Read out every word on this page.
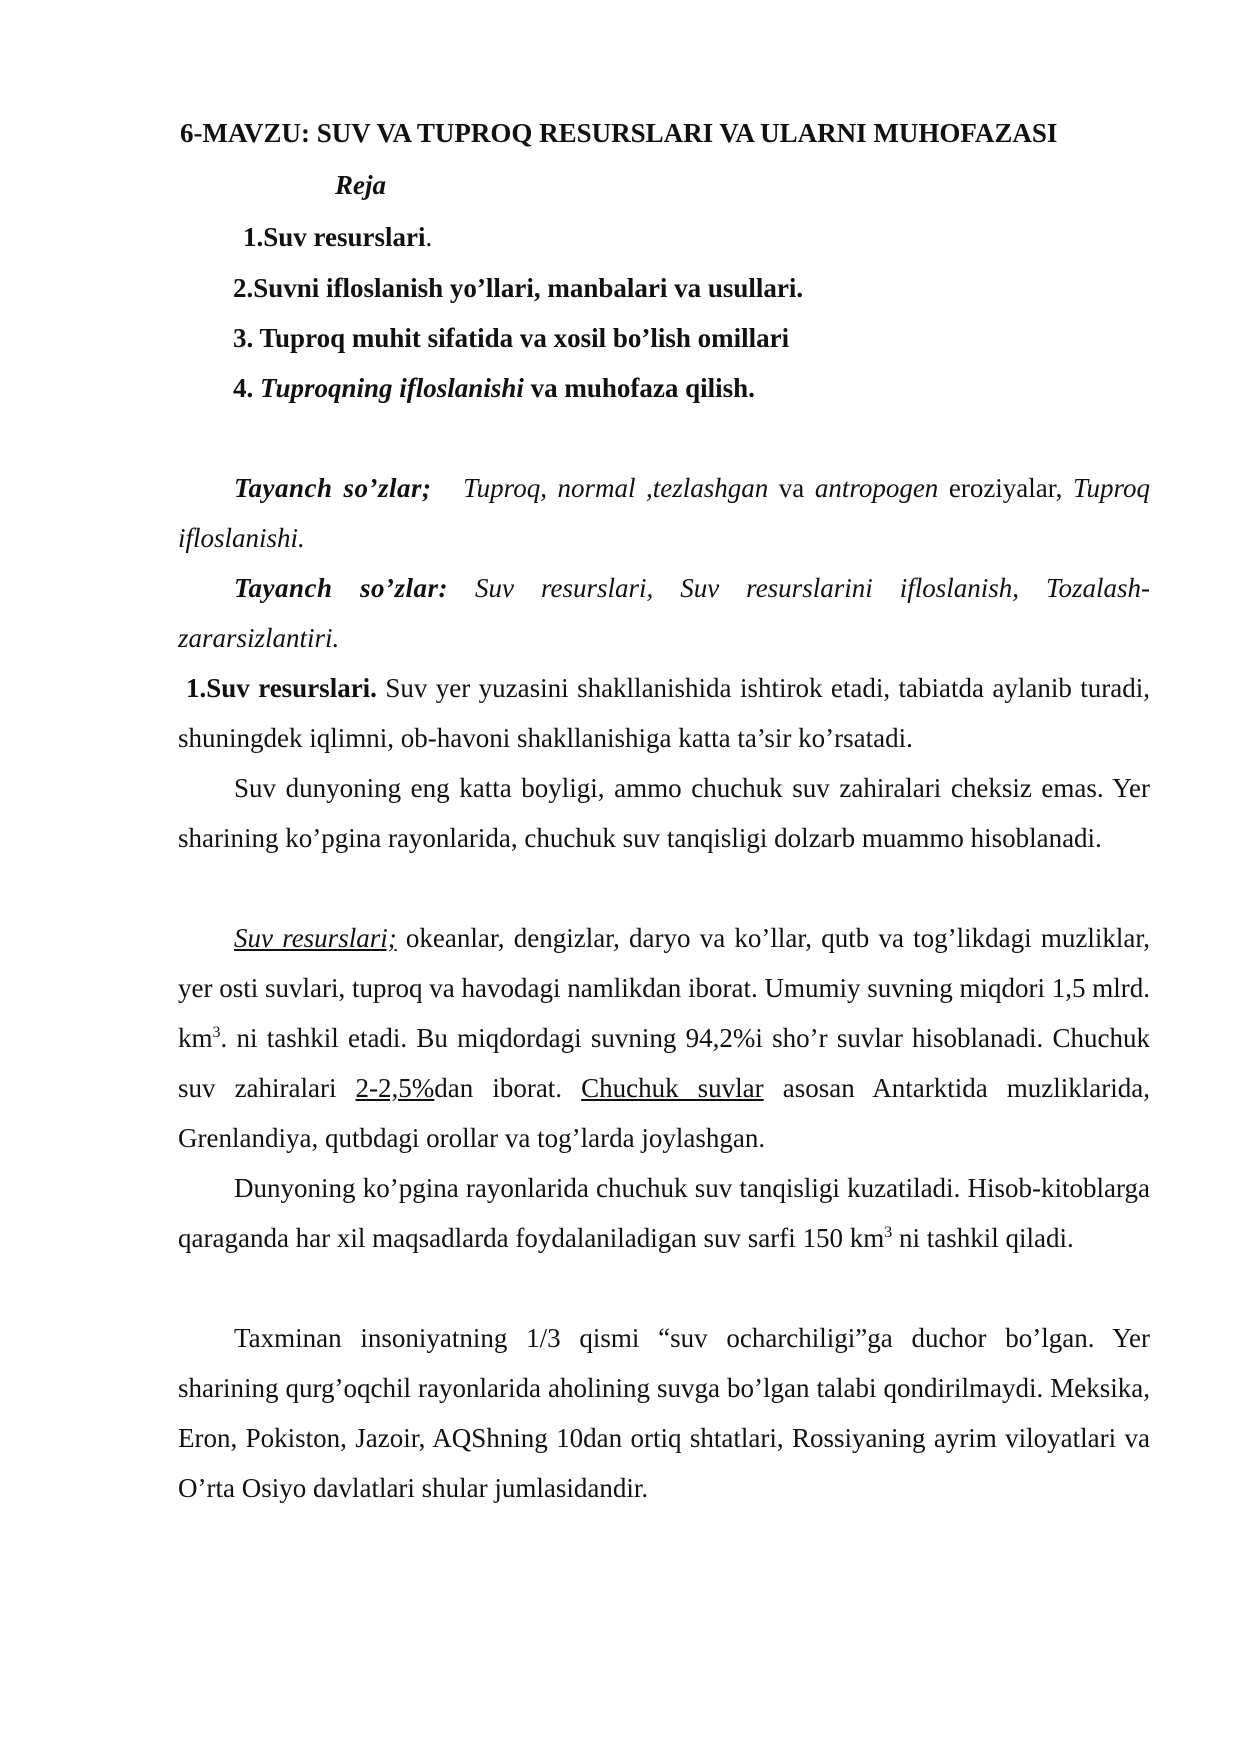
6-MAVZU: SUV VA TUPROQ RESURSLARI VA ULARNI MUHOFAZASI
Reja
1.Suv resurslari.
2.Suvni ifloslanish yo’llari, manbalari va usullari.
3. Tuproq muhit sifatida va xosil bo’lish omillari
4. Tuproqning ifloslanishi va muhofaza qilish.

Tayanch so’zlar; Tuproq, normal ,tezlashgan va antropogen eroziyalar, Tuproq ifloslanishi.

Tayanch so’zlar: Suv resurslari, Suv resurslarini ifloslanish, Tozalash-zararsizlantiri.

1.Suv resurslari. Suv yer yuzasini shakllanishida ishtirok etadi, tabiatda aylanib turadi, shuningdek iqlimni, ob-havoni shakllanishiga katta ta’sir ko’rsatadi.

Suv dunyoning eng katta boyligi, ammo chuchuk suv zahiralari cheksiz emas. Yer sharining ko’pgina rayonlarida, chuchuk suv tanqisligi dolzarb muammo hisoblanadi.

Suv resurslari; okeanlar, dengizlar, daryo va ko’llar, qutb va tog’likdagi muzliklar, yer osti suvlari, tuproq va havodagi namlikdan iborat. Umumiy suvning miqdori 1,5 mlrd. $km^3$. ni tashkil etadi. Bu miqdordagi suvning 94,2%i sho’r suvlar hisoblanadi. Chuchuk suv zahiralari 2-2,5%dan iborat. Chuchuk suvlar asosan Antarktida muzliklarida, Grenlandiya, qutbdagi orollar va tog’larda joylashgan.

Dunyoning ko’pgina rayonlarida chuchuk suv tanqisligi kuzatiladi. Hisob-kitoblarga qaraganda har xil maqsadlarda foydalaniladigan suv sarfi 150 $km^3$ ni tashkil qiladi.

Taxminan insoniyatning 1/3 qismi “suv ocharchiligi”ga duchor bo’lgan. Yer sharining qurg’oqchil rayonlarida aholining suvga bo’lgan talabi qondirilmaydi. Meksika, Eron, Pokiston, Jazoir, AQShning 10dan ortiq shtatlari, Rossiyaning ayrim viloyatlari va O’rta Osiyo davlatlari shular jumlasidandir.
